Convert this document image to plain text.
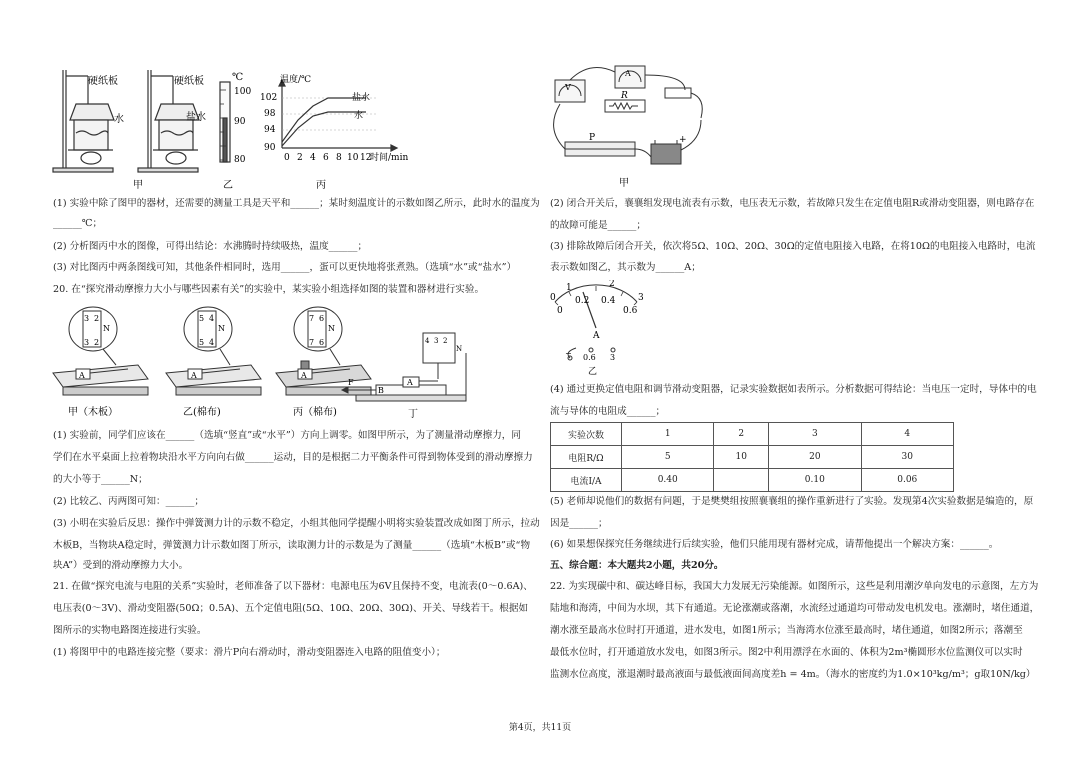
硬纸板	硬纸板
盐水
水
℃
100
90
80
温度/℃
102
98
94
90
盐水
水
0 2 4 6 8 10 12
时间/min
甲	乙	丙
(1) 实验中除了图甲的器材，还需要的测量工具是天平和______；某时刻温度计的示数如图乙所示，此时水的温度为
______℃；
(2) 分析图丙中水的图像，可得出结论：水沸腾时持续吸热，温度______；
(3) 对比图丙中两条图线可知，其他条件相同时，选用______，蛋可以更快地将张煮熟。（选填“水”或“盐水”）
20. 在“探究滑动摩擦力大小与哪些因素有关”的实验中，某实验小组选择如图的装置和器材进行实验。
3 2
N
3 2
5 4
N
5 4
7 6
N
7 6	4 3 2
N
A	A	A
F
B
A
甲（木板）	乙(棉布)	丙（棉布)	丁
(1) 实验前，同学们应该在______（选填“竖直”或“水平”）方向上调零。如图甲所示，为了测量滑动摩擦力，同
学们在水平桌面上拉着物块沿水平方向向右做______运动，目的是根据二力平衡条件可得到物体受到的滑动摩擦力
的大小等于______N；
(2) 比较乙、丙两图可知：______；
(3) 小明在实验后反思：操作中弹簧测力计的示数不稳定，小组其他同学提醒小明将实验装置改成如图丁所示，拉动
木板B，当物块A稳定时，弹簧测力计示数如图丁所示，读取测力计的示数是为了测量______（选填“木板B”或“物
块A”）受到的滑动摩擦力大小。
21. 在做“探究电流与电阻的关系”实验时，老师准备了以下器材：电源电压为6V且保持不变，电流表(0～0.6A)、
电压表(0～3V)、滑动变阻器(50Ω；0.5A)、五个定值电阻(5Ω、10Ω、20Ω、30Ω)、开关、导线若干。根据如
图所示的实物电路图连接进行实验。
(1) 将图甲中的电路连接完整（要求：滑片P向右滑动时，滑动变阻器连入电路的阻值变小）；
V
A
R
P	+
甲
(2) 闭合开关后，襄襄组发现电流表有示数，电压表无示数，若故障只发生在定值电阻R或滑动变阻器，则电路存在
的故障可能是______；
(3) 排除故障后闭合开关，依次将5Ω、10Ω、20Ω、30Ω的定值电阻接入电路，在将10Ω的电阻接入电路时，电流
表示数如图乙，其示数为______A；
0
1	2
3
0
0.2 0.4
0.6
A
− 0.6 3
乙
(4) 通过更换定值电阻和调节滑动变阻器，记录实验数据如表所示。分析数据可得结论：当电压一定时，导体中的电
流与导体的电阻成______；
实验次数	1	2	3	4
电阻R/Ω	5	10	20	30
电流I/A	0.40		0.10	0.06
(5) 老师却说他们的数据有问题，于是樊樊组按照襄襄组的操作重新进行了实验。发现第4次实验数据是编造的，原
因是______；
(6) 如果想保探究任务继续进行后续实验，他们只能用现有器材完成，请帮他提出一个解决方案：______。
五、综合题：本大题共2小题，共20分。
22. 为实现碳中和、碳达峰目标，我国大力发展无污染能源。如图所示，这些是利用潮汐单向发电的示意图，左方为
陆地和海湾，中间为水坝，其下有通道。无论涨潮或落潮，水流经过通道均可带动发电机发电。涨潮时，堵住通道，
潮水涨至最高水位时打开通道，进水发电，如图1所示；当海湾水位涨至最高时，堵住通道，如图2所示；落潮至
最低水位时，打开通道放水发电，如图3所示。图2中利用漂浮在水面的、体积为2m³椭圆形水位监测仪可以实时
监测水位高度，涨退潮时最高液面与最低液面间高度差h = 4m。（海水的密度约为1.0×10³kg/m³；g取10N/kg）
第4页，共11页
